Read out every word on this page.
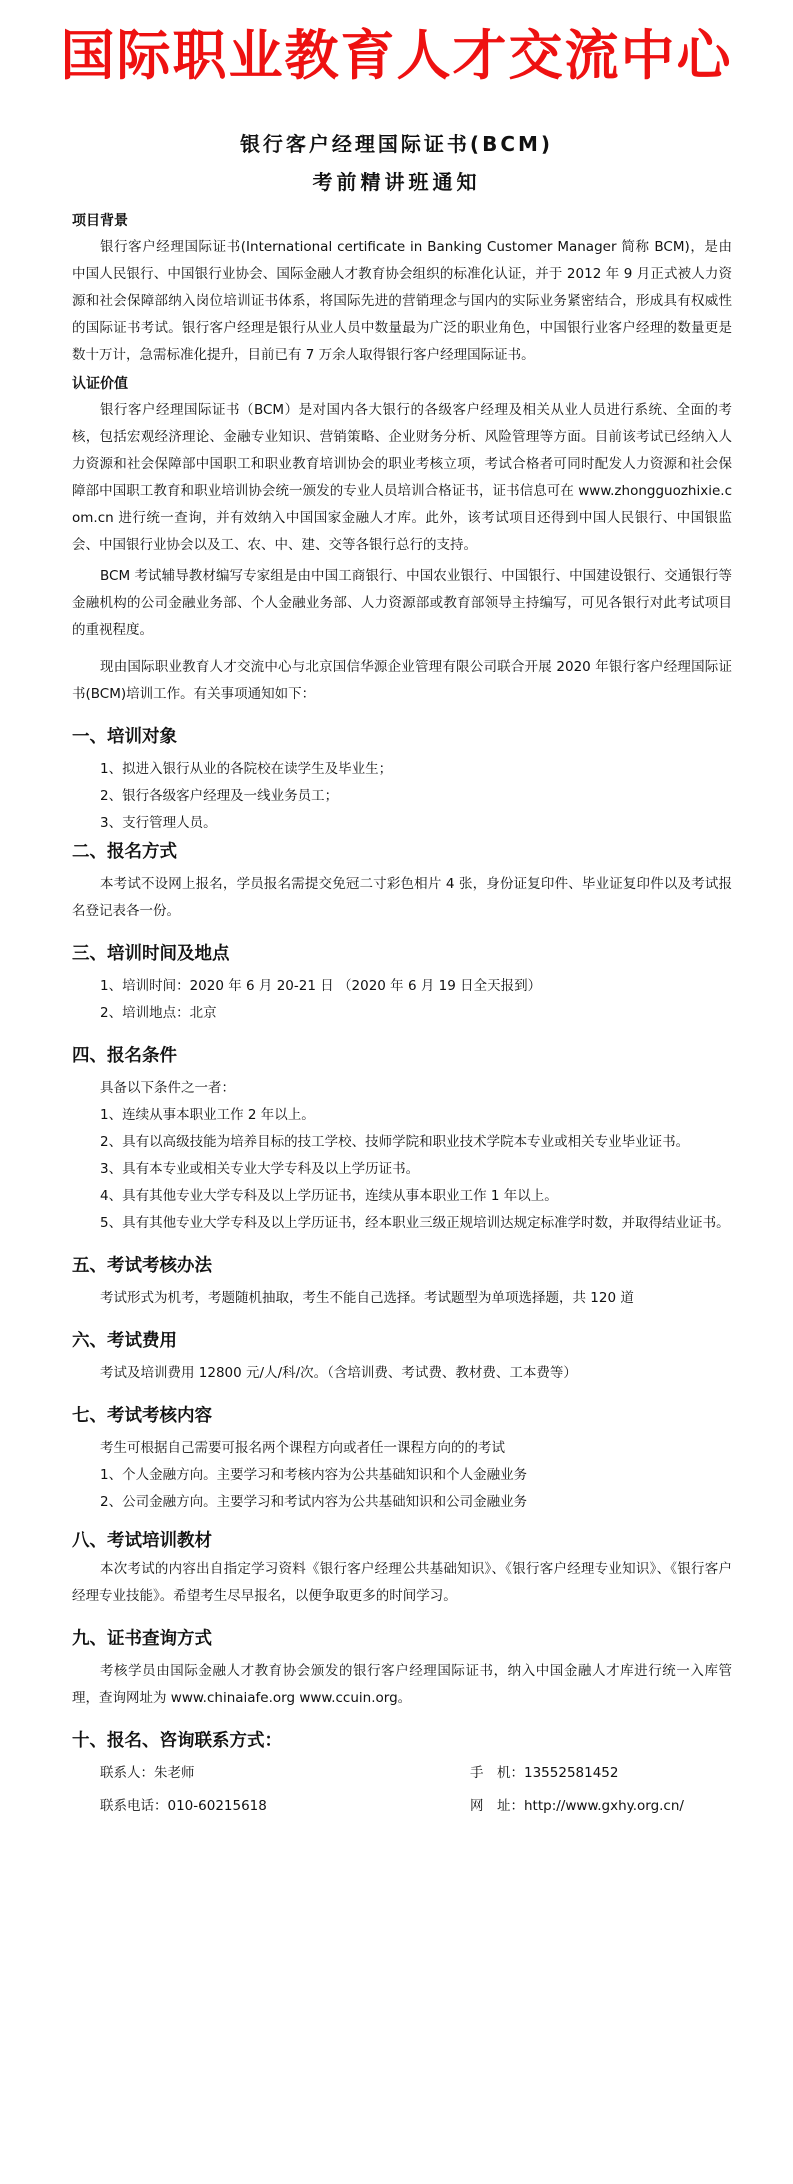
国际职业教育人才交流中心
银行客户经理国际证书(BCM)
考前精讲班通知

项目背景

银行客户经理国际证书(International certificate in Banking Customer Manager 简称 BCM)，是由中国人民银行、中国银行业协会、国际金融人才教育协会组织的标准化认证，并于 2012 年 9 月正式被人力资源和社会保障部纳入岗位培训证书体系，将国际先进的营销理念与国内的实际业务紧密结合，形成具有权威性的国际证书考试。银行客户经理是银行从业人员中数量最为广泛的职业角色，中国银行业客户经理的数量更是数十万计，急需标准化提升，目前已有 7 万余人取得银行客户经理国际证书。

认证价值

银行客户经理国际证书（BCM）是对国内各大银行的各级客户经理及相关从业人员进行系统、全面的考核，包括宏观经济理论、金融专业知识、营销策略、企业财务分析、风险管理等方面。目前该考试已经纳入人力资源和社会保障部中国职工和职业教育培训协会的职业考核立项，考试合格者可同时配发人力资源和社会保障部中国职工教育和职业培训协会统一颁发的专业人员培训合格证书，证书信息可在 www.zhongguozhixie.com.cn 进行统一查询，并有效纳入中国国家金融人才库。此外，该考试项目还得到中国人民银行、中国银监会、中国银行业协会以及工、农、中、建、交等各银行总行的支持。

BCM 考试辅导教材编写专家组是由中国工商银行、中国农业银行、中国银行、中国建设银行、交通银行等金融机构的公司金融业务部、个人金融业务部、人力资源部或教育部领导主持编写，可见各银行对此考试项目的重视程度。

现由国际职业教育人才交流中心与北京国信华源企业管理有限公司联合开展 2020 年银行客户经理国际证书(BCM)培训工作。有关事项通知如下：

一、培训对象

1、拟进入银行从业的各院校在读学生及毕业生；

2、银行各级客户经理及一线业务员工；

3、支行管理人员。

二、报名方式

本考试不设网上报名，学员报名需提交免冠二寸彩色相片 4 张，身份证复印件、毕业证复印件以及考试报名登记表各一份。

三、培训时间及地点

1、培训时间：2020 年 6 月 20-21 日 （2020 年 6 月 19 日全天报到）

2、培训地点：北京

四、报名条件

具备以下条件之一者：

1、连续从事本职业工作 2 年以上。

2、具有以高级技能为培养目标的技工学校、技师学院和职业技术学院本专业或相关专业毕业证书。

3、具有本专业或相关专业大学专科及以上学历证书。

4、具有其他专业大学专科及以上学历证书，连续从事本职业工作 1 年以上。

5、具有其他专业大学专科及以上学历证书，经本职业三级正规培训达规定标准学时数，并取得结业证书。

五、考试考核办法

考试形式为机考，考题随机抽取，考生不能自己选择。考试题型为单项选择题，共 120 道

六、考试费用

考试及培训费用 12800 元/人/科/次。（含培训费、考试费、教材费、工本费等）

七、考试考核内容

考生可根据自己需要可报名两个课程方向或者任一课程方向的的考试

1、个人金融方向。主要学习和考核内容为公共基础知识和个人金融业务

2、公司金融方向。主要学习和考试内容为公共基础知识和公司金融业务

八、考试培训教材

本次考试的内容出自指定学习资料《银行客户经理公共基础知识》、《银行客户经理专业知识》、《银行客户经理专业技能》。希望考生尽早报名，以便争取更多的时间学习。

九、证书查询方式

考核学员由国际金融人才教育协会颁发的银行客户经理国际证书，纳入中国金融人才库进行统一入库管理，查询网址为 www.chinaiafe.org www.ccuin.org。

十、报名、咨询联系方式：

联系人：朱老师	手　机：13552581452
联系电话：010-60215618	网　址：http://www.gxhy.org.cn/
